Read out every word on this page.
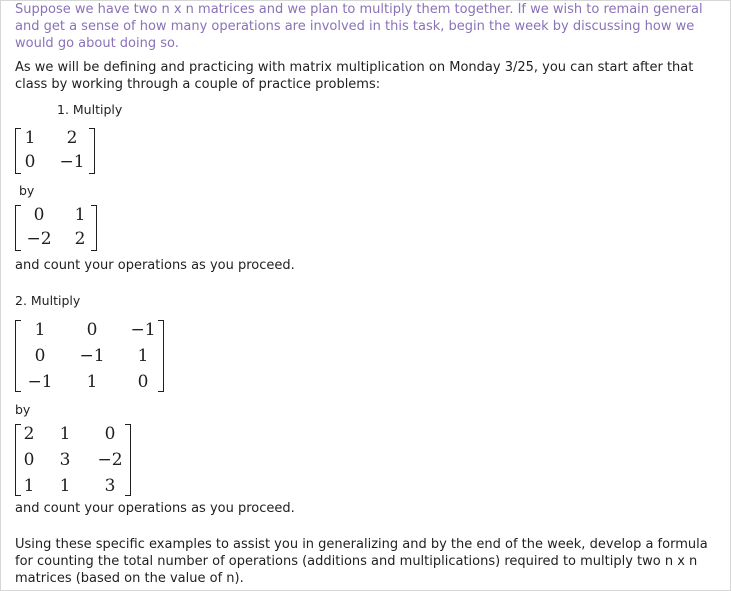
Suppose we have two n x n matrices and we plan to multiply them together. If we wish to remain general and get a sense of how many operations are involved in this task, begin the week by discussing how we would go about doing so.

As we will be defining and practicing with matrix multiplication on Monday 3/25, you can start after that class by working through a couple of practice problems:

1. Multiply
1 2
0 −1
by
0 1
−2 2
and count your operations as you proceed.
2. Multiply
1 0 −1
0 −1 1
−1 1 0
by
2 1 0
0 3 −2
1 1 3
and count your operations as you proceed.

Using these specific examples to assist you in generalizing and by the end of the week, develop a formula for counting the total number of operations (additions and multiplications) required to multiply two n x n matrices (based on the value of n).
